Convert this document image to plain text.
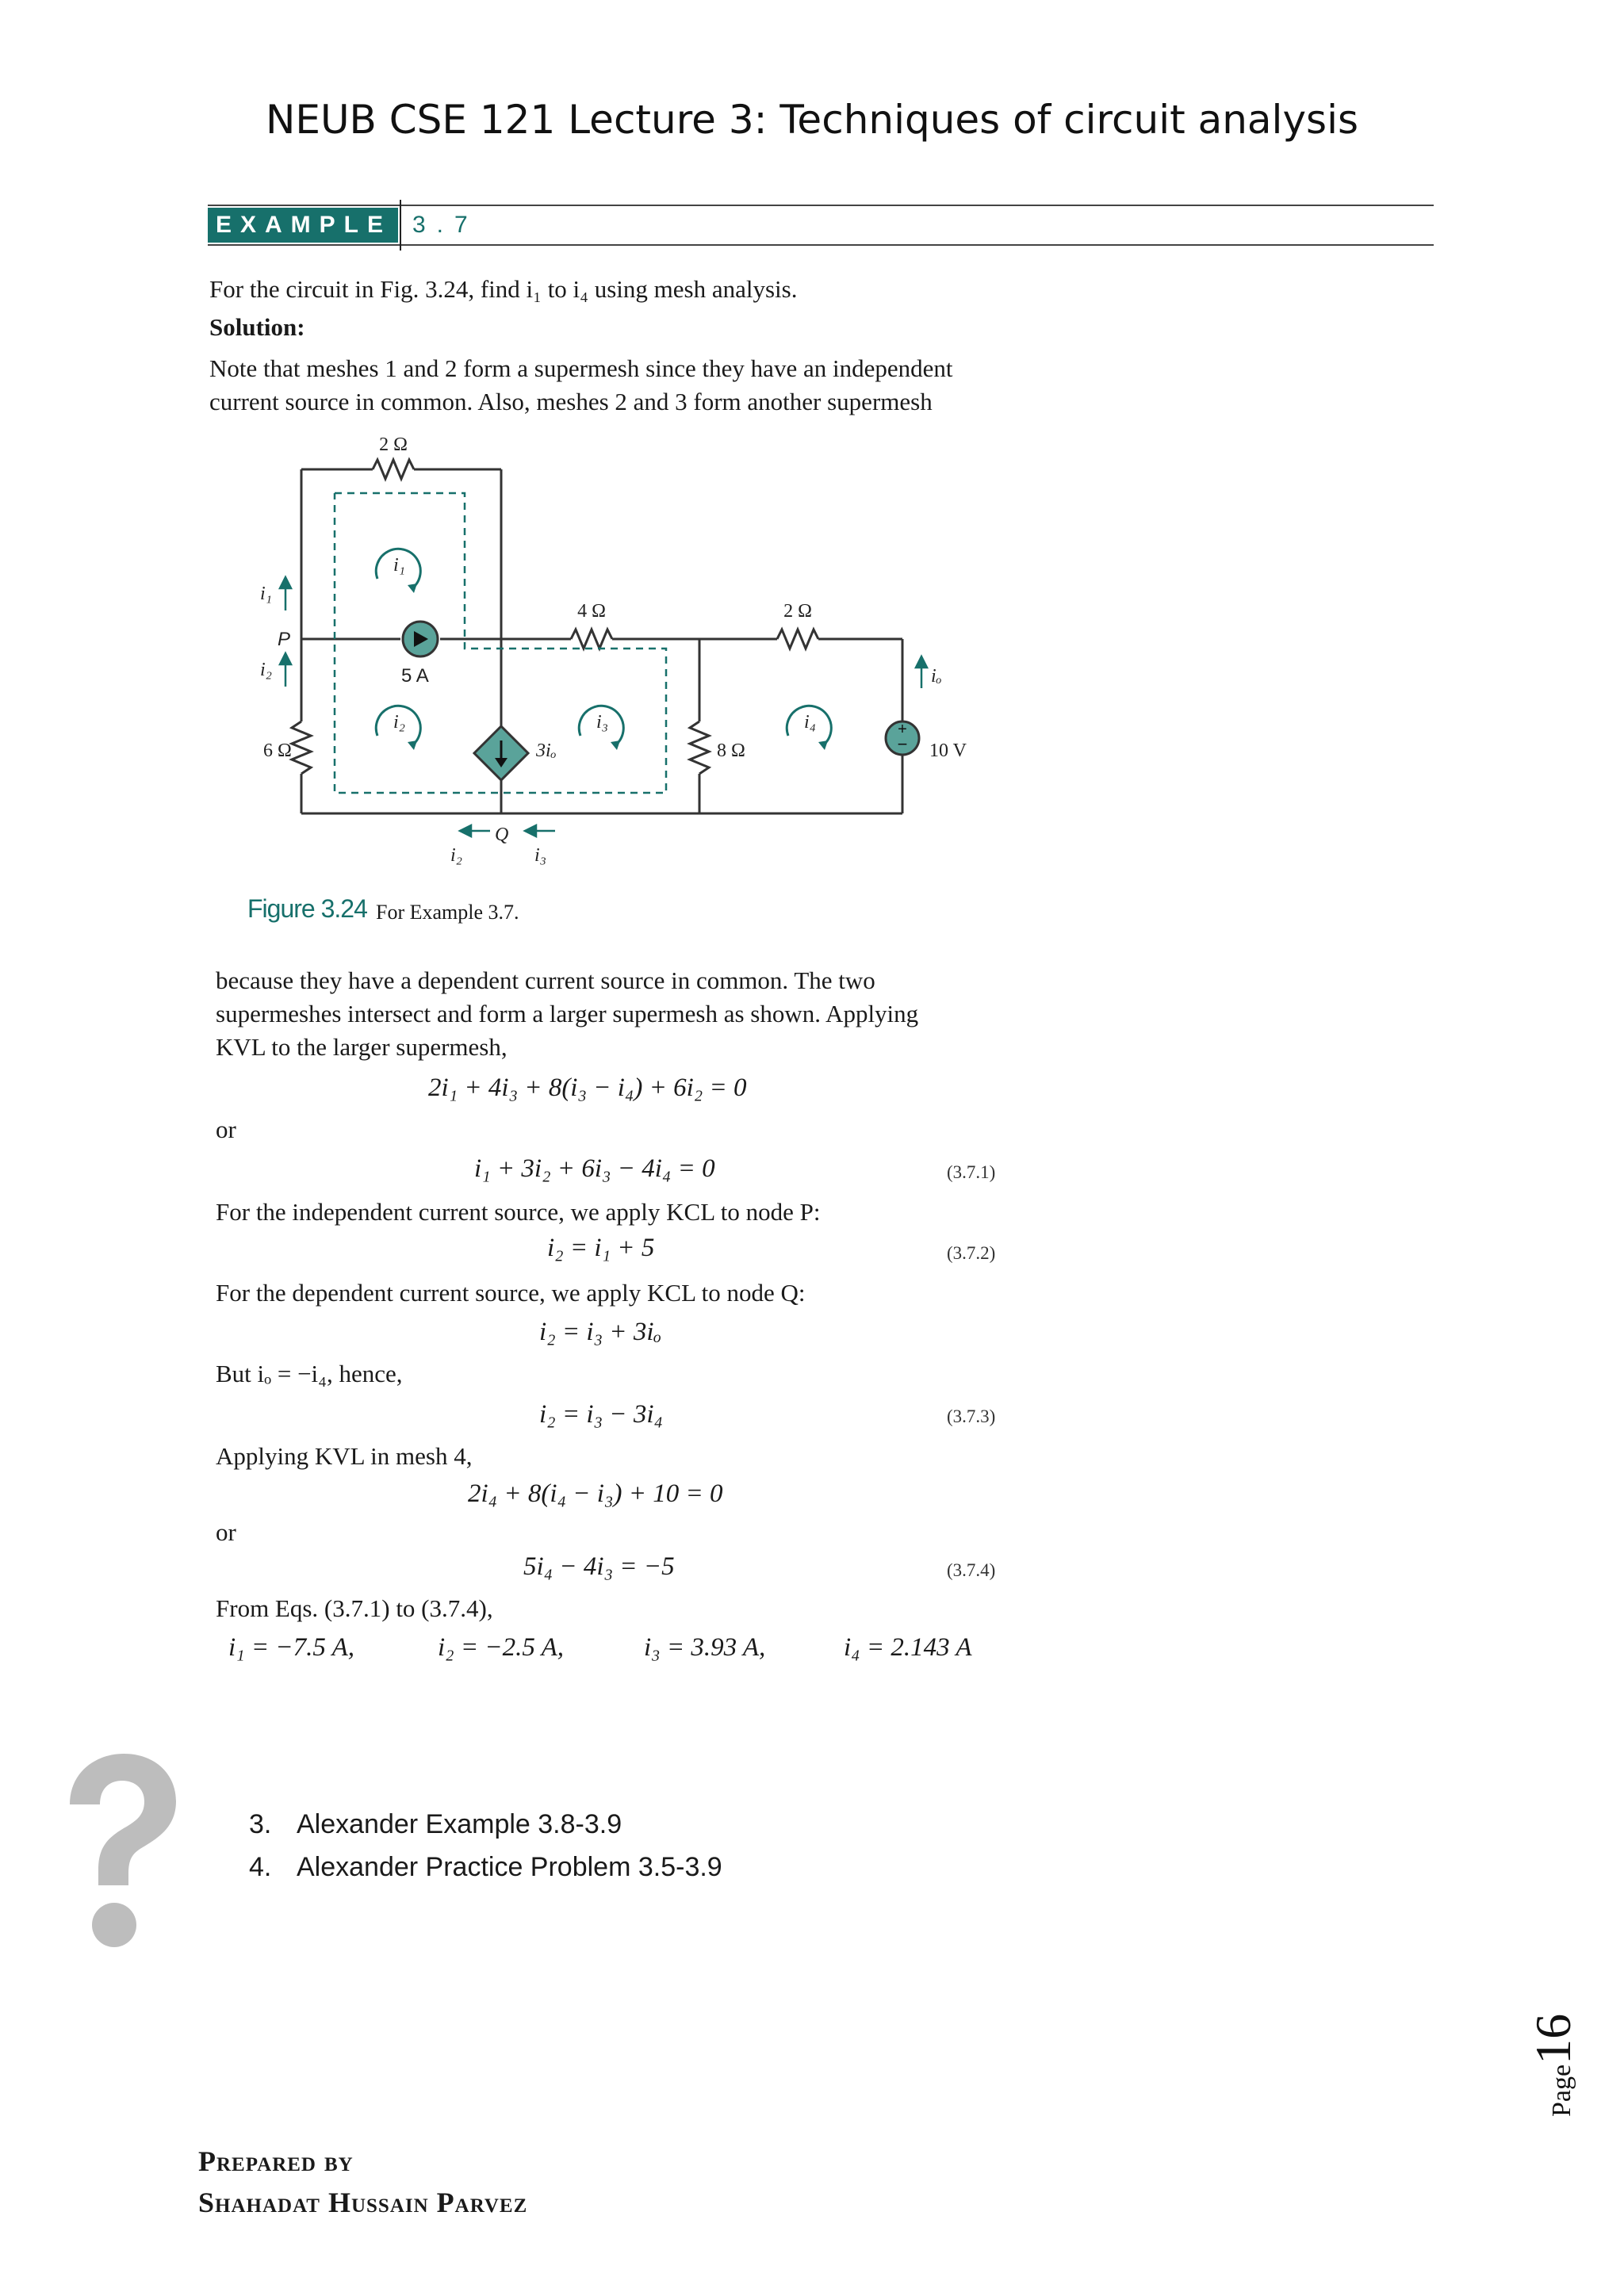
NEUB CSE 121 Lecture 3: Techniques of circuit analysis
EXAMPLE 3.7
For the circuit in Fig. 3.24, find i₁ to i₄ using mesh analysis.
Solution:
Note that meshes 1 and 2 form a supermesh since they have an independent
current source in common. Also, meshes 2 and 3 form another supermesh
+
−
2 Ω
4 Ω	2 Ω
6 Ω	8 Ω
5 A
3iₒ	10 V
P
Q
i₁
i₂	i₃	i₄
i₁
i₂
i₂	i₃
iₒ
Figure 3.24 For Example 3.7.
because they have a dependent current source in common. The two
supermeshes intersect and form a larger supermesh as shown. Applying
KVL to the larger supermesh,
2i₁ + 4i₃ + 8(i₃ − i₄) + 6i₂ = 0
or
i₁ + 3i₂ + 6i₃ − 4i₄ = 0	(3.7.1)
For the independent current source, we apply KCL to node P:
i₂ = i₁ + 5	(3.7.2)
For the dependent current source, we apply KCL to node Q:
i₂ = i₃ + 3iₒ
But iₒ = −i₄, hence,
i₂ = i₃ − 3i₄	(3.7.3)
Applying KVL in mesh 4,
2i₄ + 8(i₄ − i₃) + 10 = 0
or
5i₄ − 4i₃ = −5	(3.7.4)
From Eqs. (3.7.1) to (3.7.4),
i₁ = −7.5 A,	i₂ = −2.5 A,	i₃ = 3.93 A,	i₄ = 2.143 A
3. Alexander Example 3.8-3.9
4. Alexander Practice Problem 3.5-3.9
Page16
Prepared by
Shahadat Hussain Parvez
